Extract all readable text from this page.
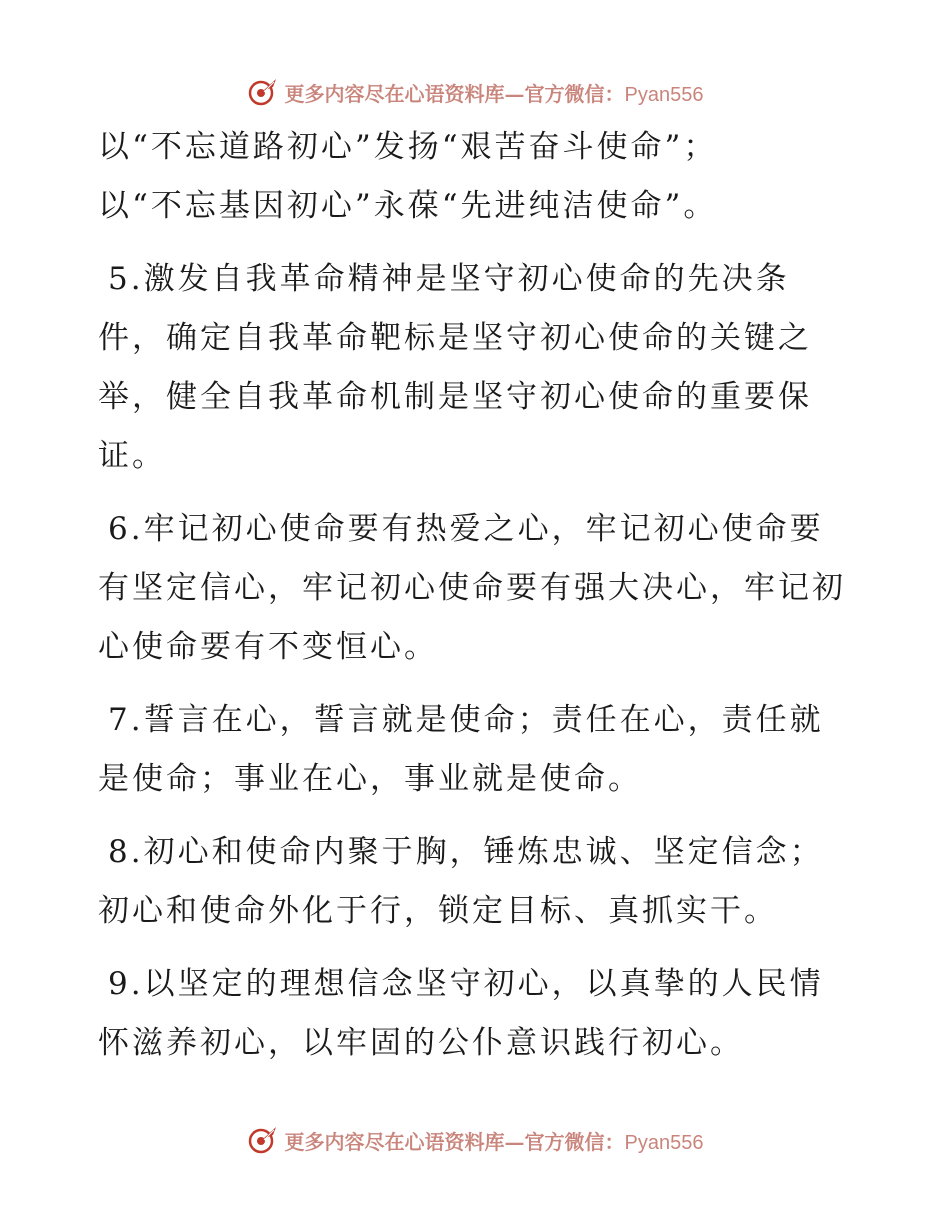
更多内容尽在心语资料库—官方微信：Pyan556
以“不忘道路初心”发扬“艰苦奋斗使命”；
以“不忘基因初心”永葆“先进纯洁使命”。
5.激发自我革命精神是坚守初心使命的先决条
件，确定自我革命靶标是坚守初心使命的关键之
举，健全自我革命机制是坚守初心使命的重要保
证。
6.牢记初心使命要有热爱之心，牢记初心使命要
有坚定信心，牢记初心使命要有强大决心，牢记初
心使命要有不变恒心。
7.誓言在心，誓言就是使命；责任在心，责任就
是使命；事业在心，事业就是使命。
8.初心和使命内聚于胸，锤炼忠诚、坚定信念；
初心和使命外化于行，锁定目标、真抓实干。
9.以坚定的理想信念坚守初心，以真挚的人民情
怀滋养初心，以牢固的公仆意识践行初心。
更多内容尽在心语资料库—官方微信：Pyan556
